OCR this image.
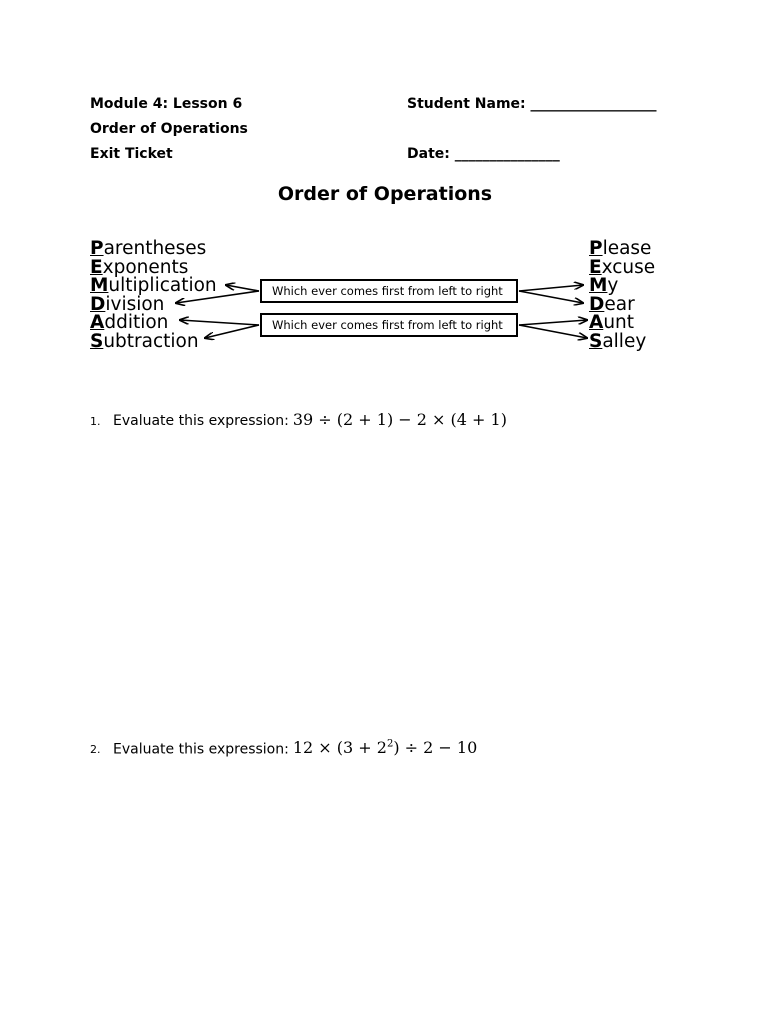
Module 4: Lesson 6
Order of Operations
Exit Ticket
Student Name: __________________
Date: _______________
Order of Operations
Parentheses
Exponents
Multiplication
Division
Addition
Subtraction
Please
Excuse
My
Dear
Aunt
Salley
Which ever comes first from left to right
Which ever comes first from left to right
1. Evaluate this expression: 39 ÷ (2 + 1) − 2 × (4 + 1)
2. Evaluate this expression: $12 \times (3 + 2^2) \div 2 - 10$
